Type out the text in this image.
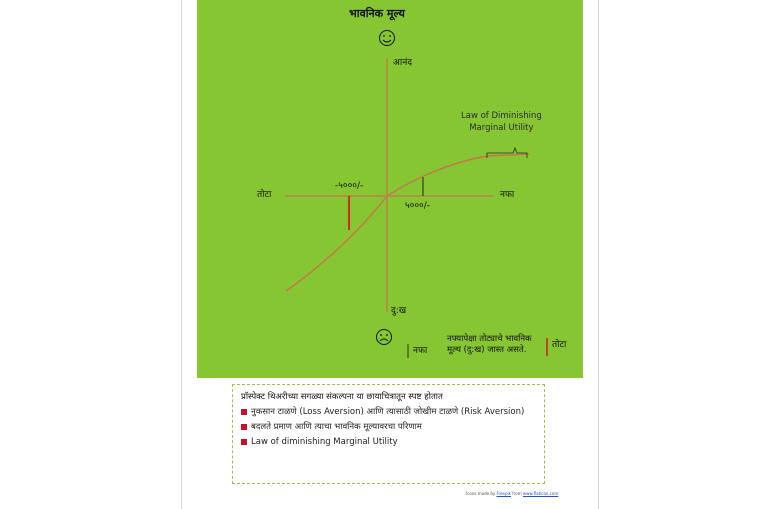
भावनिक मूल्य
आनंद
दु:ख
तोटा	नफा
-५०००/-
५०००/-
Law of Diminishing
Marginal Utility
नफा
नफ्यापेक्षा तोट्याचे भावनिक मूल्य (दु:ख) जास्त असते.	तोटा
प्रॉस्पेक्ट थिअरीच्या सगळ्या संकल्पना या छायाचित्रातून स्पष्ट होतात
नुकसान टाळणे (Loss Aversion) आणि त्यासाठी जोखीम टाळणे (Risk Aversion)
बदलते प्रमाण आणि त्याचा भावनिक मूल्यावरचा परिणाम
Law of diminishing Marginal Utility
Icons made by Freepik from www.flaticon.com
